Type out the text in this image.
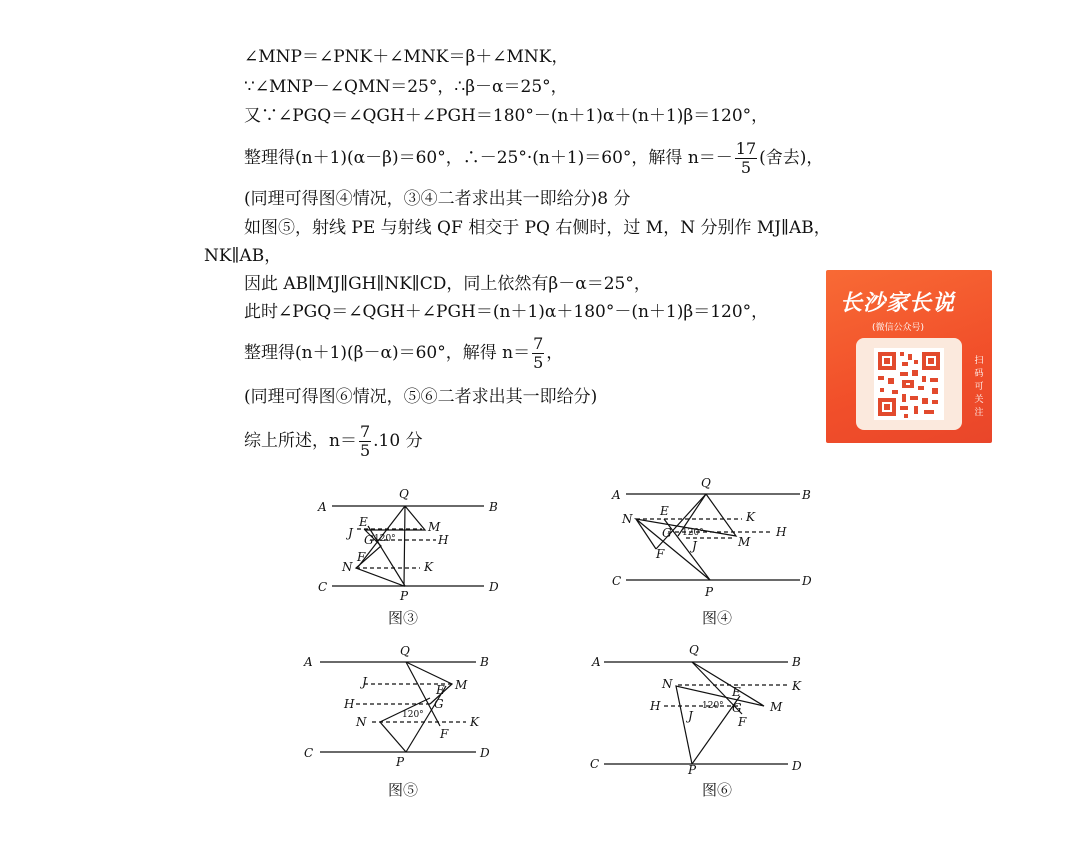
∠MNP＝∠PNK＋∠MNK＝β＋∠MNK，
∵∠MNP－∠QMN＝25°，∴β－α＝25°，
又∵∠PGQ＝∠QGH＋∠PGH＝180°－(n＋1)α＋(n＋1)β＝120°，
整理得(n＋1)(α－β)＝60°，∴－25°·(n＋1)＝60°，解得 $n=- \frac{17}{5}$ (舍去)，
(同理可得图④情况，③④二者求出其一即给分)8 分
如图⑤，射线 PE 与射线 QF 相交于 PQ 右侧时，过 M，N 分别作 MJ∥AB，
NK∥AB，
因此 AB∥MJ∥GH∥NK∥CD，同上依然有β－α＝25°，
此时∠PGQ＝∠QGH＋∠PGH＝(n＋1)α＋180°－(n＋1)β＝120°，
整理得(n＋1)(β－α)＝60°，解得 $n= \frac{7}{5}$ ，
(同理可得图⑥情况，⑤⑥二者求出其一即给分)
综上所述，$n= \frac{7}{5} .10$ 分
长沙家长说
(微信公众号)
扫码可关注
A	B
Q
J
E	M
G	H
F
N	K
C	D
P
120°
图③
A	B
Q
N
E	K
G	H
J	M
F
C	D
P
120°
图④
A	B
Q
J	M
E
H	G
N	K
F
C	D
P
120°
图⑤
A	B
Q
N	K
E
H	G M
J	F
C	D
P
120°
图⑥
